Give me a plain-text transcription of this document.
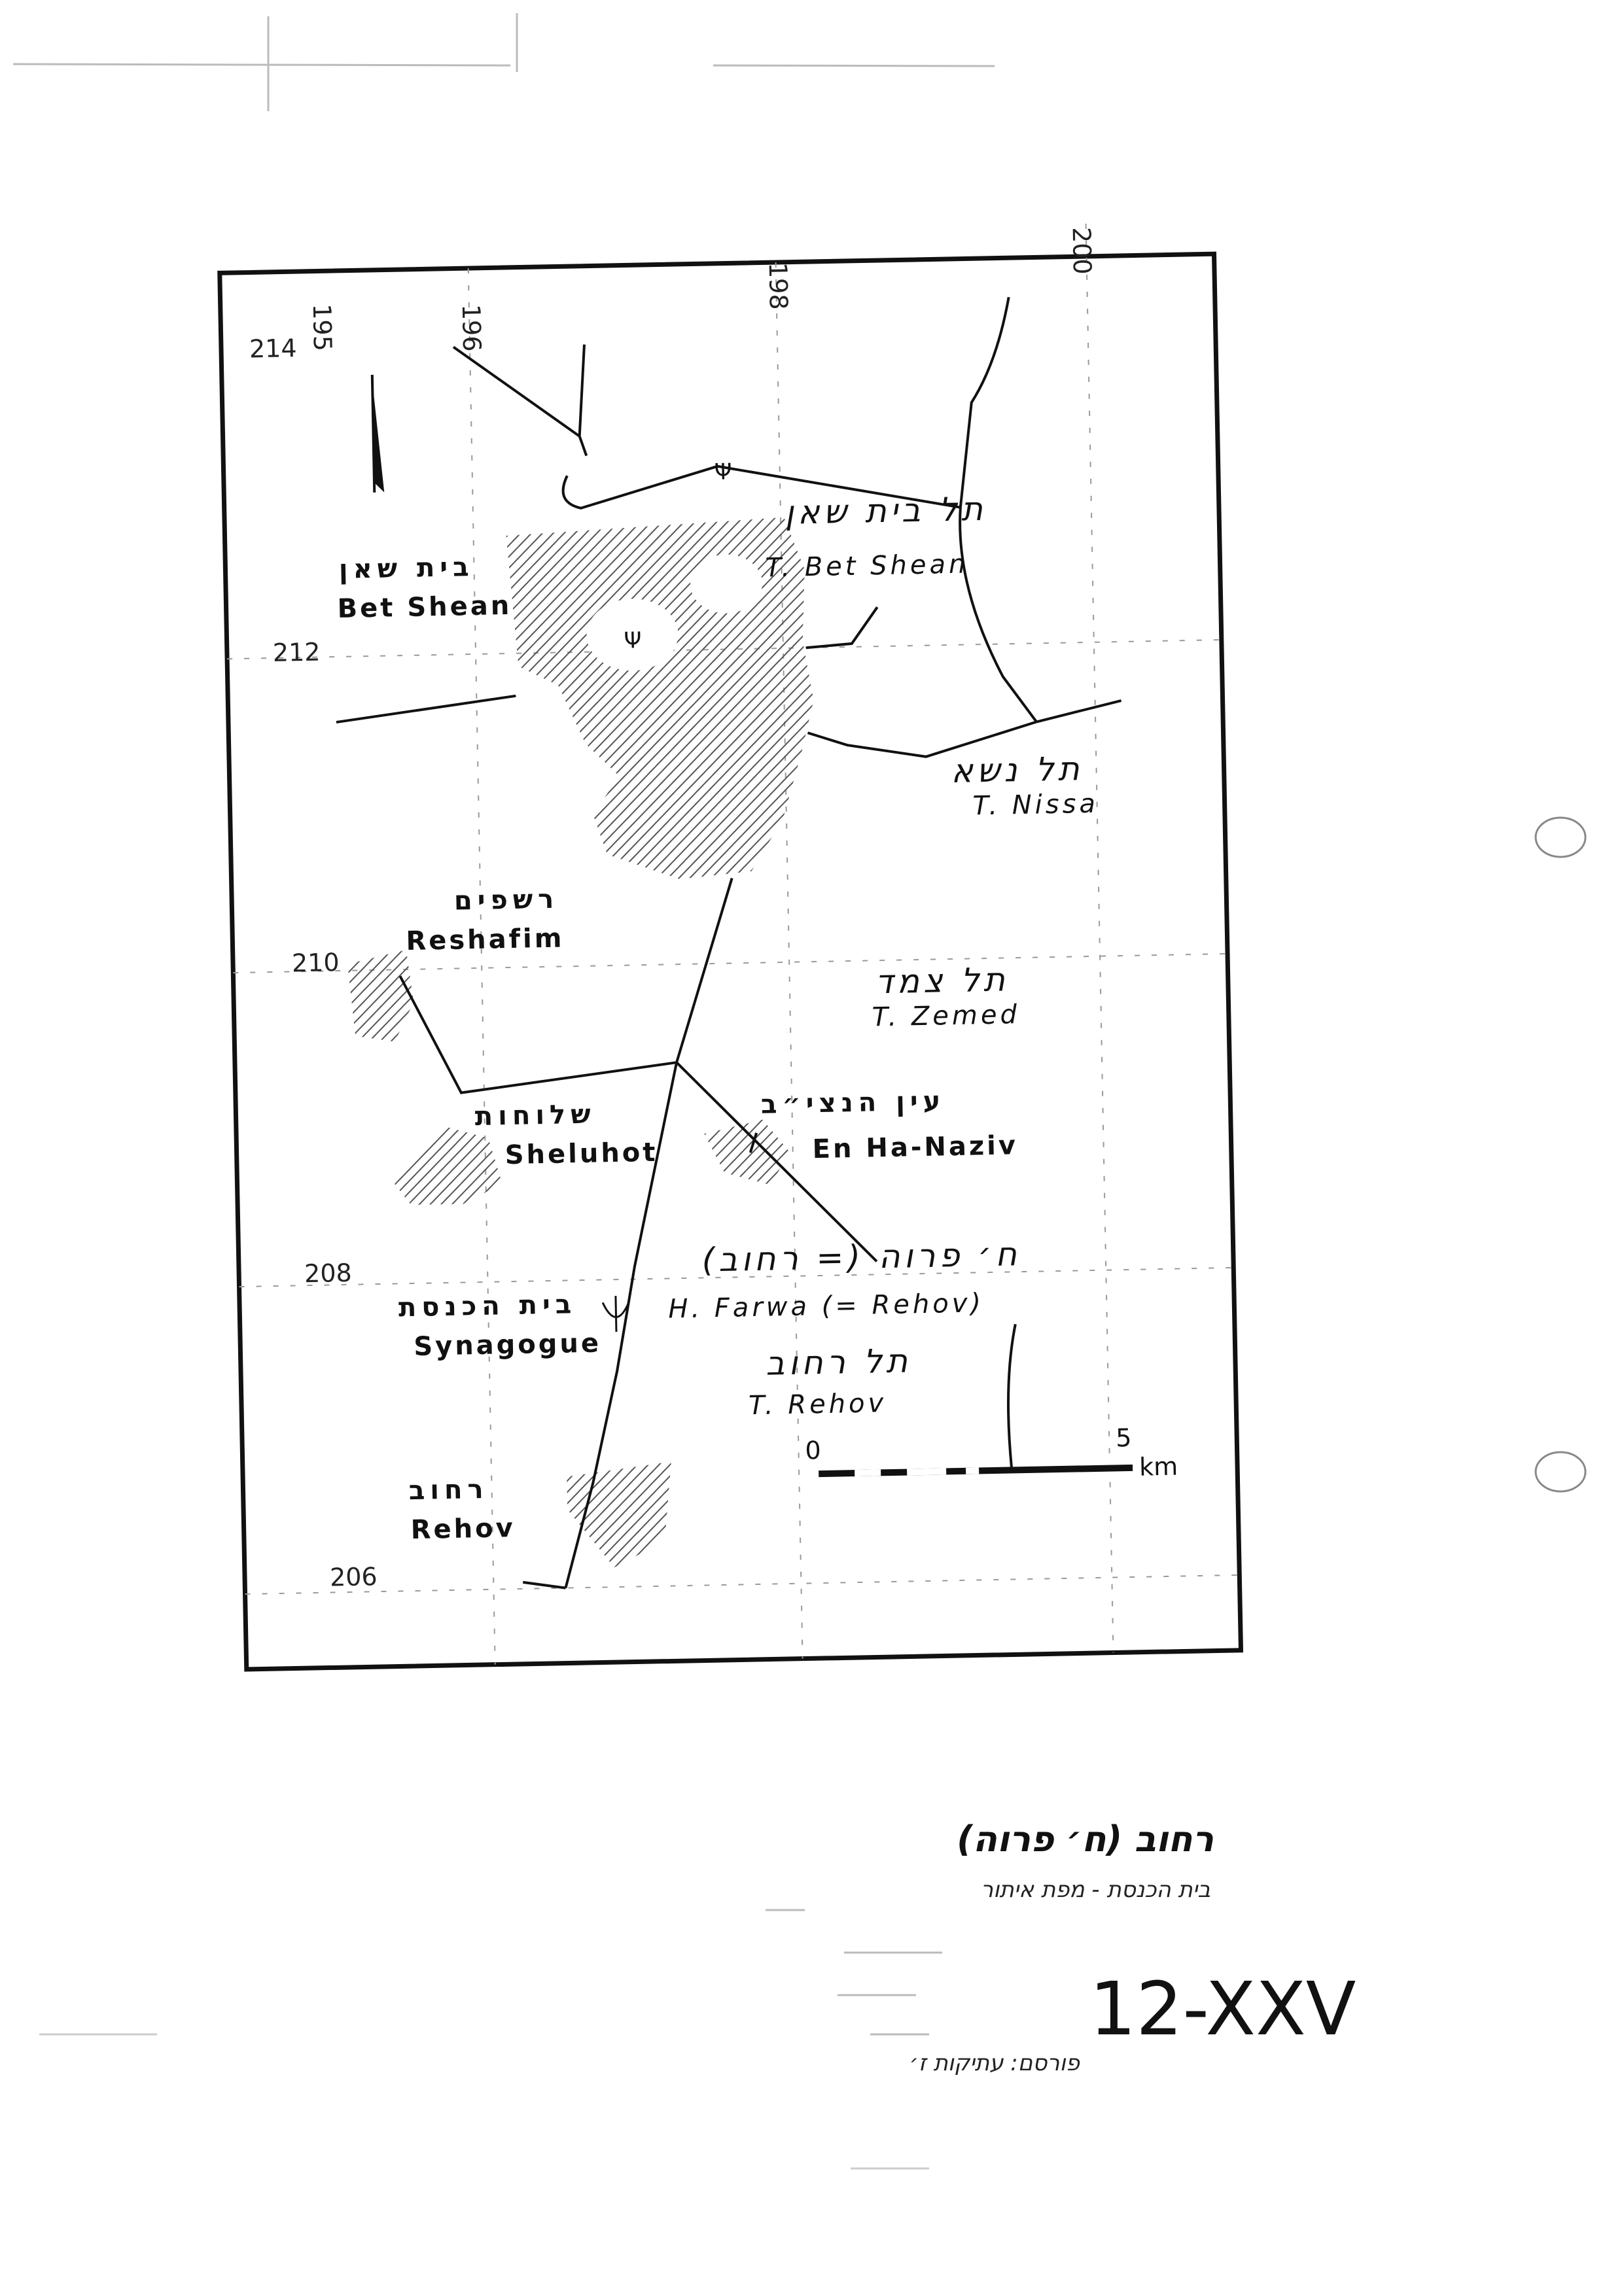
214
212
210
208
206
195	196
198
200
Ψ
Ψ
בית שאן
Bet Shean
רשפים
Reshafim
שלוחות
Sheluhot
עין הנצי״ב
En Ha-Naziv
בית הכנסת
Synagogue
רחוב
Rehov
תל בית שאן
T. Bet Shean
תל נשא
T. Nissa
תל צמד
T. Zemed
ח׳ פרוה (= רחוב)
H. Farwa (= Rehov)
תל רחוב
T. Rehov
0	5
km
רחוב (ח׳ פרוה)
בית הכנסת - מפת איתור
פורסם: עתיקות ז׳
12-XXV
